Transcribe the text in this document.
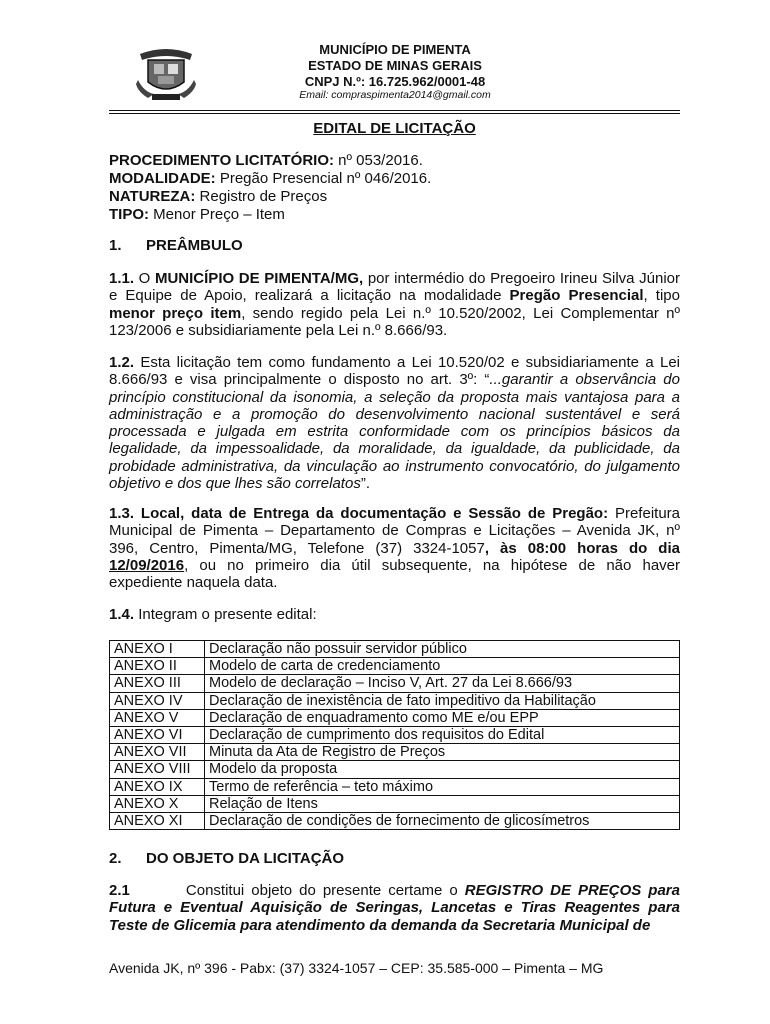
MUNICÍPIO DE PIMENTA
ESTADO DE MINAS GERAIS
CNPJ N.º: 16.725.962/0001-48
Email: compraspimenta2014@gmail.com
EDITAL DE LICITAÇÃO
PROCEDIMENTO LICITATÓRIO: nº 053/2016.
MODALIDADE: Pregão Presencial nº 046/2016.
NATUREZA: Registro de Preços
TIPO: Menor Preço – Item
1. PREÂMBULO
1.1. O MUNICÍPIO DE PIMENTA/MG, por intermédio do Pregoeiro Irineu Silva Júnior e Equipe de Apoio, realizará a licitação na modalidade Pregão Presencial, tipo menor preço item, sendo regido pela Lei n.º 10.520/2002, Lei Complementar nº 123/2006 e subsidiariamente pela Lei n.º 8.666/93.
1.2. Esta licitação tem como fundamento a Lei 10.520/02 e subsidiariamente a Lei 8.666/93 e visa principalmente o disposto no art. 3º: “...garantir a observância do princípio constitucional da isonomia, a seleção da proposta mais vantajosa para a administração e a promoção do desenvolvimento nacional sustentável e será processada e julgada em estrita conformidade com os princípios básicos da legalidade, da impessoalidade, da moralidade, da igualdade, da publicidade, da probidade administrativa, da vinculação ao instrumento convocatório, do julgamento objetivo e dos que lhes são correlatos”.
1.3. Local, data de Entrega da documentação e Sessão de Pregão: Prefeitura Municipal de Pimenta – Departamento de Compras e Licitações – Avenida JK, nº 396, Centro, Pimenta/MG, Telefone (37) 3324-1057, às 08:00 horas do dia 12/09/2016, ou no primeiro dia útil subsequente, na hipótese de não haver expediente naquela data.
1.4. Integram o presente edital:
ANEXO I	Declaração não possuir servidor público
ANEXO II	Modelo de carta de credenciamento
ANEXO III	Modelo de declaração – Inciso V, Art. 27 da Lei 8.666/93
ANEXO IV	Declaração de inexistência de fato impeditivo da Habilitação
ANEXO V	Declaração de enquadramento como ME e/ou EPP
ANEXO VI	Declaração de cumprimento dos requisitos do Edital
ANEXO VII	Minuta da Ata de Registro de Preços
ANEXO VIII	Modelo da proposta
ANEXO IX	Termo de referência – teto máximo
ANEXO X	Relação de Itens
ANEXO XI	Declaração de condições de fornecimento de glicosímetros
2. DO OBJETO DA LICITAÇÃO
2.1        Constitui objeto do presente certame o REGISTRO DE PREÇOS para Futura e Eventual Aquisição de Seringas, Lancetas e Tiras Reagentes para Teste de Glicemia para atendimento da demanda da Secretaria Municipal de
Avenida JK, nº 396 - Pabx: (37) 3324-1057 – CEP: 35.585-000 – Pimenta – MG
